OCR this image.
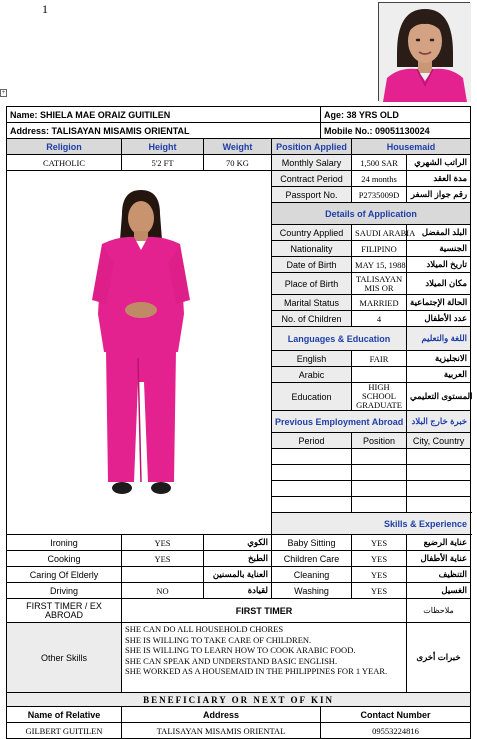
1
+
Name: SHIELA MAE ORAIZ GUITILEN				Age: 38 YRS OLD			
Address: TALISAYAN MISAMIS ORIENTAL				Mobile No.: 09051130024			
Religion	Height	Weight	Position Applied		Housemaid		
CATHOLIC	5'2 FT	70 KG	Monthly Salary		1,500 SAR	الراتب الشهري	
	Contract Period		24 months	مدة العقد	
			Passport No.		P2735009D	رقم جواز السفر	
			Details of Application				
			Country Applied		SAUDI ARABIA	البلد المفضل	
			Nationality		FILIPINO	الجنسية	
			Date of Birth		MAY 15, 1988	تاريخ الميلاد	
			Place of Birth		TALISAYAN MIS OR	مكان الميلاد	
			Marital Status		MARRIED	الحالة الإجتماعية	
			No. of Children		4	عدد الأطفال	
			Languages & Education			اللغة والتعليم	
			English		FAIR	الانجليزية	
			Arabic			العربية	
			Education		HIGH SCHOOL GRADUATE	المستوى التعليمي	
			Previous Employment Abroad			خبرة خارج البلاد	
			Period		Position	City, Country	

			Skills & Experience	
Ironing	YES	الكوي	Baby Sitting		YES	عناية الرضيع	
Cooking	YES	الطبخ	Children Care		YES	عناية الأطفال	
Caring Of Elderly		العناية بالمسنين	Cleaning		YES	التنظيف	
Driving	NO	لقيادة	Washing		YES	الغسيل	
FIRST TIMER / EX ABROAD	FIRST TIMER					ملاحظات	
Other Skills	SHE CAN DO ALL HOUSEHOLD CHORES
SHE IS WILLING TO TAKE CARE OF CHILDREN.
SHE IS WILLING TO LEARN HOW TO COOK ARABIC FOOD.
SHE CAN SPEAK AND UNDERSTAND BASIC ENGLISH.
SHE WORKED AS A HOUSEMAID IN THE PHILIPPINES FOR 1 YEAR.					خبرات أخرى	
BENEFICIARY OR NEXT OF KIN							
Name of Relative	Address			Contact Number			
GILBERT GUITILEN	TALISAYAN MISAMIS ORIENTAL			09553224816			
